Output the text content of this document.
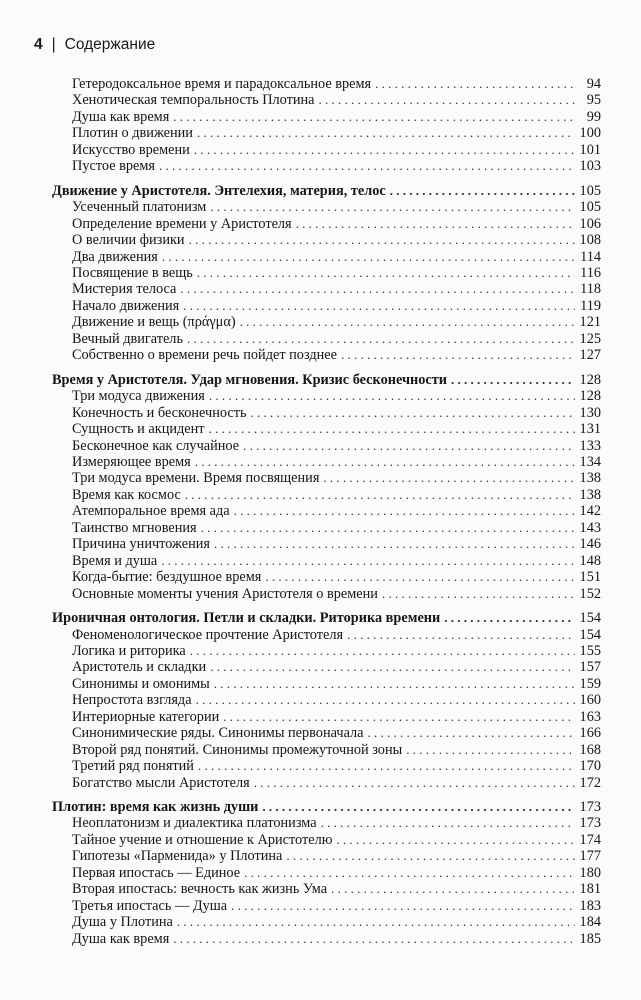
4 | Содержание
Гетеродоксальное время и парадоксальное время . . .	94
Хенотическая темпоральность Плотина . . .	95
Душа как время . . .	99
Плотин о движении . . .	100
Искусство времени . . .	101
Пустое время . . .	103
Движение у Аристотеля. Энтелехия, материя, телос . . .	105
Усеченный платонизм . . .	105
Определение времени у Аристотеля . . .	106
О величии физики . . .	108
Два движения . . .	114
Посвящение в вещь . . .	116
Мистерия телоса . . .	118
Начало движения . . .	119
Движение и вещь (πράγμα) . . .	121
Вечный двигатель . . .	125
Собственно о времени речь пойдет позднее . . .	127
Время у Аристотеля. Удар мгновения. Кризис бесконечности . . .	128
Три модуса движения . . .	128
Конечность и бесконечность . . .	130
Сущность и акцидент . . .	131
Бесконечное как случайное . . .	133
Измеряющее время . . .	134
Три модуса времени. Время посвящения . . .	138
Время как космос . . .	138
Атемпоральное время ада . . .	142
Таинство мгновения . . .	143
Причина уничтожения . . .	146
Время и душа . . .	148
Когда-бытие: бездушное время . . .	151
Основные моменты учения Аристотеля о времени . . .	152
Ироничная онтология. Петли и складки. Риторика времени . . .	154
Феноменологическое прочтение Аристотеля . . .	154
Логика и риторика . . .	155
Аристотель и складки . . .	157
Синонимы и омонимы . . .	159
Непростота взгляда . . .	160
Интериорные категории . . .	163
Синонимические ряды. Синонимы первоначала . . .	166
Второй ряд понятий. Синонимы промежуточной зоны . . .	168
Третий ряд понятий . . .	170
Богатство мысли Аристотеля . . .	172
Плотин: время как жизнь души . . .	173
Неоплатонизм и диалектика платонизма . . .	173
Тайное учение и отношение к Аристотелю . . .	174
Гипотезы «Парменида» у Плотина . . .	177
Первая ипостась — Единое . . .	180
Вторая ипостась: вечность как жизнь Ума . . .	181
Третья ипостась — Душа . . .	183
Душа у Плотина . . .	184
Душа как время . . .	185
